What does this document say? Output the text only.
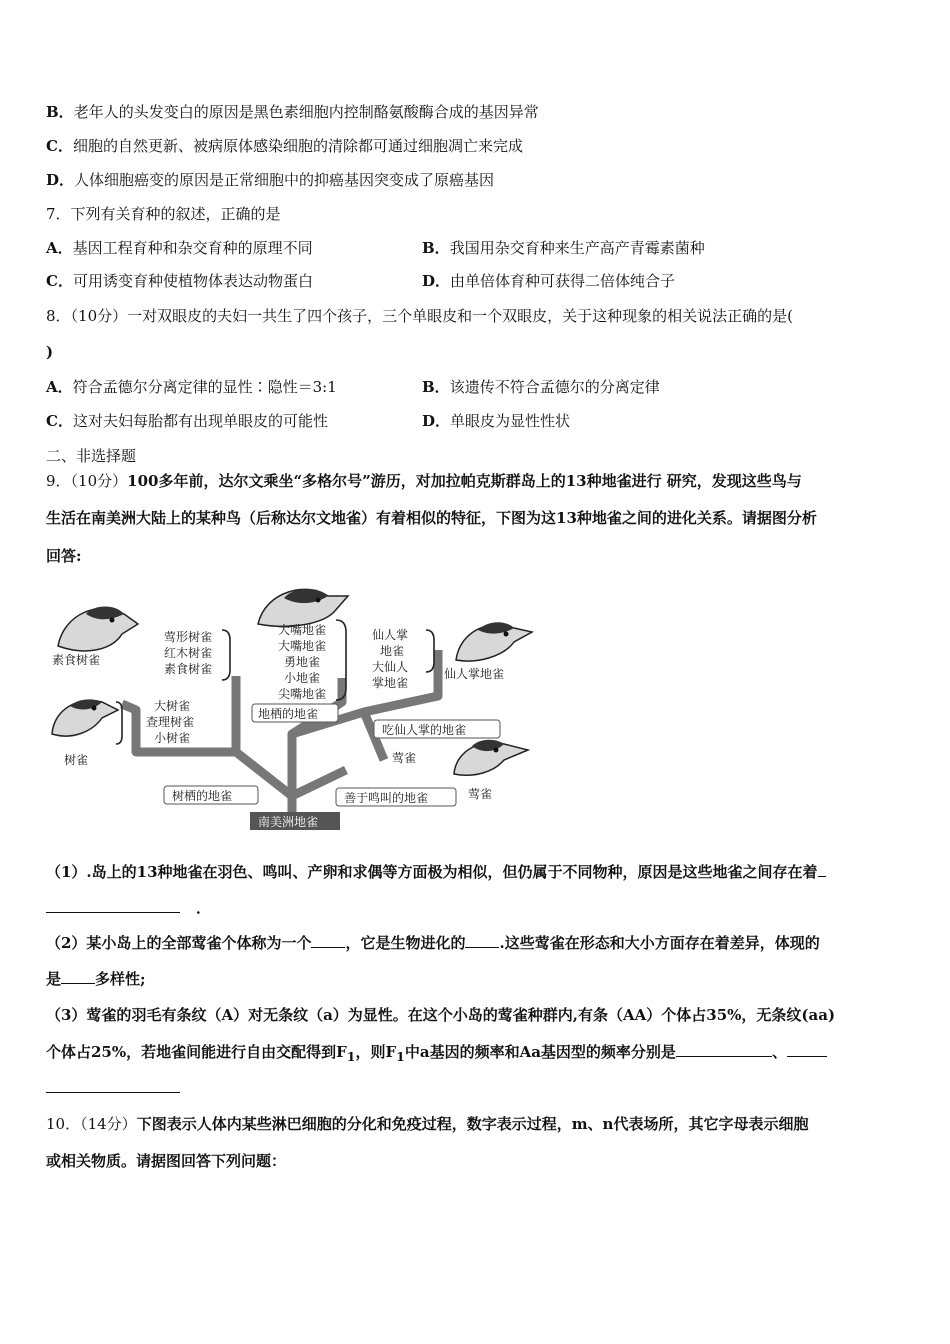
B．老年人的头发变白的原因是黑色素细胞内控制酪氨酸酶合成的基因异常
C．细胞的自然更新、被病原体感染细胞的清除都可通过细胞凋亡来完成
D．人体细胞癌变的原因是正常细胞中的抑癌基因突变成了原癌基因
7．下列有关育种的叙述，正确的是
A．基因工程育种和杂交育种的原理不同	B．我国用杂交育种来生产高产青霉素菌种
C．可用诱变育种使植物体表达动物蛋白	D．由单倍体育种可获得二倍体纯合子
8．（10分）一对双眼皮的夫妇一共生了四个孩子，三个单眼皮和一个双眼皮，关于这种现象的相关说法正确的是(
)
A．符合孟德尔分离定律的显性∶隐性＝3:1	B．该遗传不符合孟德尔的分离定律
C．这对夫妇每胎都有出现单眼皮的可能性	D．单眼皮为显性性状
二、非选择题
9．（10分）100多年前，达尔文乘坐“多格尔号”游历，对加拉帕克斯群岛上的13种地雀进行 研究，发现这些鸟与
生活在南美洲大陆上的某种鸟（后称达尔文地雀）有着相似的特征，下图为这13种地雀之间的进化关系。请据图分析
回答:
素食树雀
莺形树雀
红木树雀
素食树雀
大嘴地雀
大嘴地雀
勇地雀
小地雀
尖嘴地雀
仙人掌
地雀
大仙人
掌地雀
仙人掌地雀
大树雀
查理树雀
小树雀
树雀	莺雀
莺雀
地栖的地雀
吃仙人掌的地雀
树栖的地雀	善于鸣叫的地雀
南美洲地雀
（1）.岛上的13种地雀在羽色、鸣叫、产卵和求偶等方面极为相似，但仍属于不同物种，原因是这些地雀之间存在着
．
（2）某小岛上的全部莺雀个体称为一个 ，它是生物进化的 .这些莺雀在形态和大小方面存在着差异，体现的
是 多样性;
（3）莺雀的羽毛有条纹（A）对无条纹（a）为显性。在这个小岛的莺雀种群内,有条（AA）个体占35%，无条纹(aa)
个体占25%，若地雀间能进行自由交配得到$F_1$，则$F_1$中a基因的频率和Aa基因型的频率分别是	、
10．（14分）下图表示人体内某些淋巴细胞的分化和免疫过程，数字表示过程，m、n代表场所，其它字母表示细胞
或相关物质。请据图回答下列问题：
